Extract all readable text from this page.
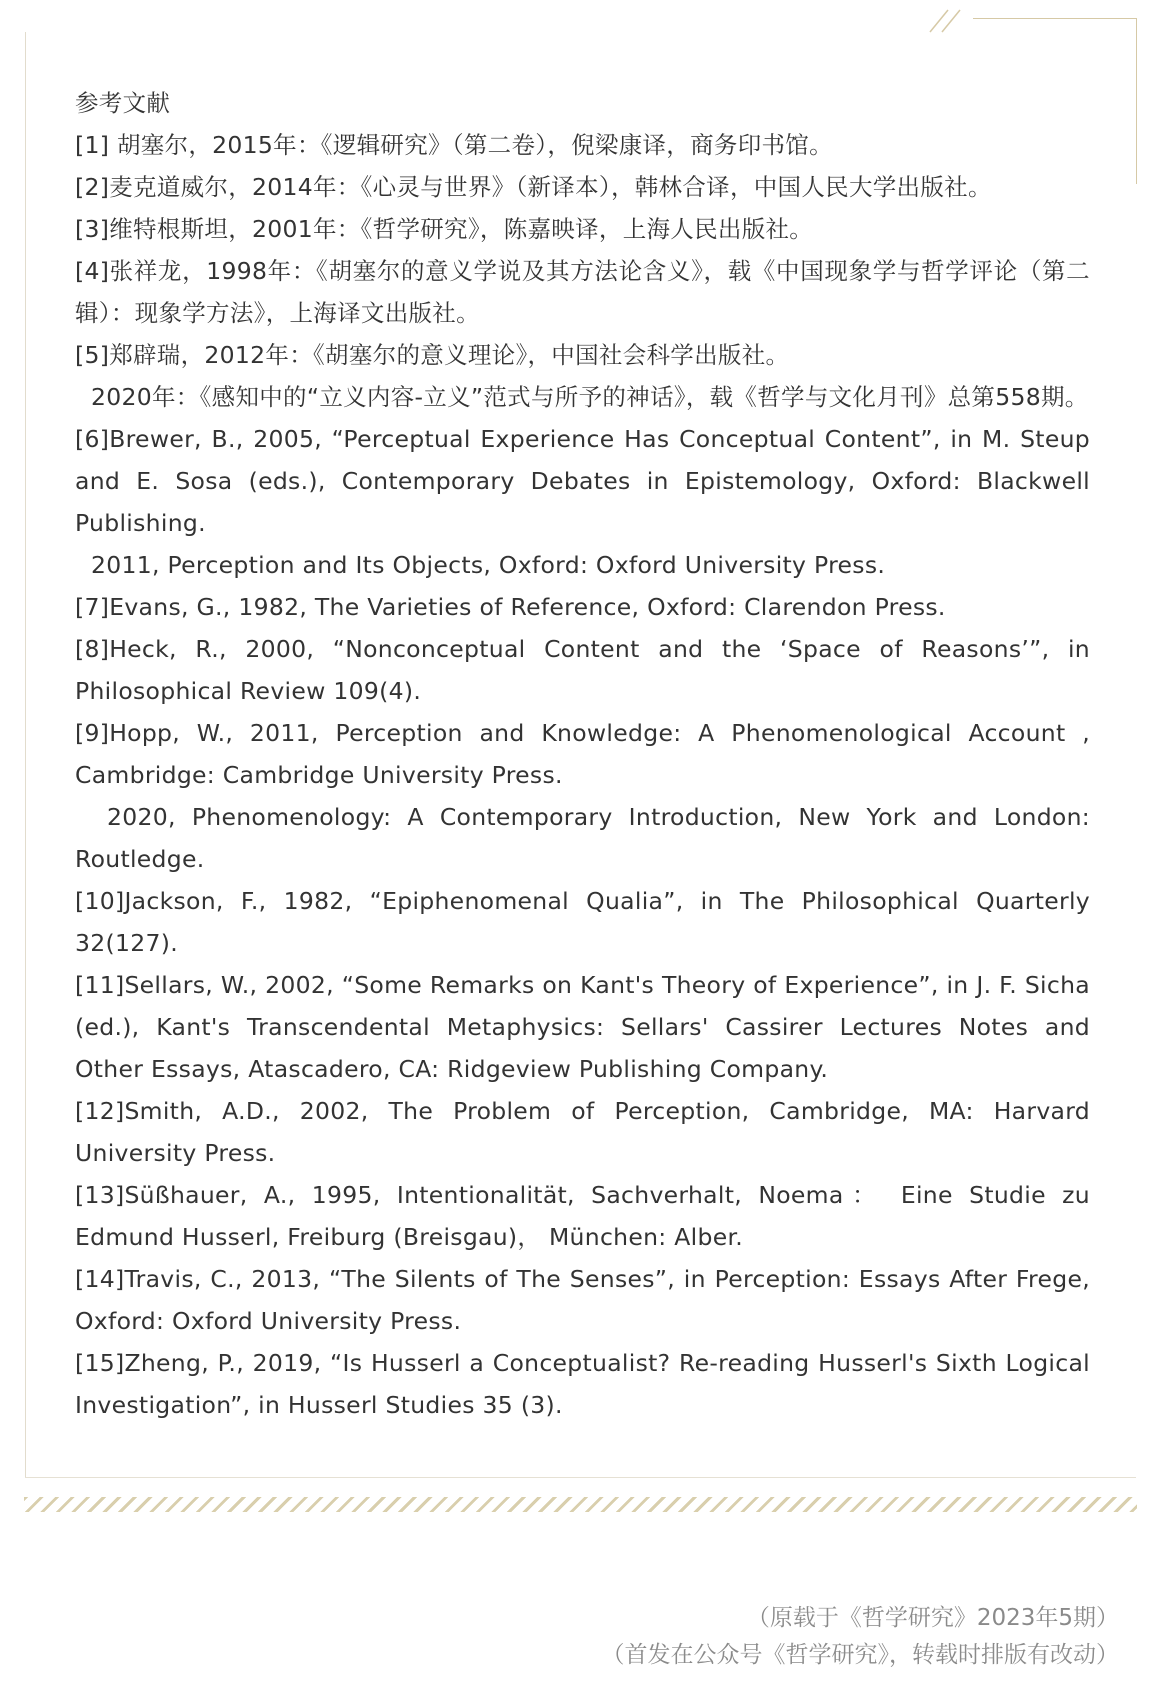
参考文献

[1] 胡塞尔，2015年：《逻辑研究》（第二卷），倪梁康译，商务印书馆。

[2]麦克道威尔，2014年：《心灵与世界》（新译本），韩林合译，中国人民大学出版社。

[3]维特根斯坦，2001年：《哲学研究》，陈嘉映译，上海人民出版社。

[4]张祥龙，1998年：《胡塞尔的意义学说及其方法论含义》，载《中国现象学与哲学评论（第二辑）：现象学方法》，上海译文出版社。

[5]郑辟瑞，2012年：《胡塞尔的意义理论》，中国社会科学出版社。

2020年：《感知中的“立义内容-立义”范式与所予的神话》，载《哲学与文化月刊》总第558期。

[6]Brewer, B., 2005, “Perceptual Experience Has Conceptual Content”, in M. Steup and E. Sosa (eds.), Contemporary Debates in Epistemology, Oxford: Blackwell Publishing.

2011, Perception and Its Objects, Oxford: Oxford University Press.

[7]Evans, G., 1982, The Varieties of Reference, Oxford: Clarendon Press.

[8]Heck, R., 2000, “Nonconceptual Content and the ‘Space of Reasons’”, in Philosophical Review 109(4).

[9]Hopp, W., 2011, Perception and Knowledge: A Phenomenological Account , Cambridge: Cambridge University Press.

2020, Phenomenology: A Contemporary Introduction, New York and London: Routledge.

[10]Jackson, F., 1982, “Epiphenomenal Qualia”, in The Philosophical Quarterly 32(127).

[11]Sellars, W., 2002, “Some Remarks on Kant's Theory of Experience”, in J. F. Sicha (ed.), Kant's Transcendental Metaphysics: Sellars' Cassirer Lectures Notes and Other Essays, Atascadero, CA: Ridgeview Publishing Company.

[12]Smith, A.D., 2002, The Problem of Perception, Cambridge, MA: Harvard University Press.

[13]Süßhauer, A., 1995, Intentionalität, Sachverhalt, Noema： Eine Studie zu Edmund Husserl, Freiburg (Breisgau)， München: Alber.

[14]Travis, C., 2013, “The Silents of The Senses”, in Perception: Essays After Frege, Oxford: Oxford University Press.

[15]Zheng, P., 2019, “Is Husserl a Conceptualist? Re-reading Husserl's Sixth Logical Investigation”, in Husserl Studies 35 (3).

（原载于《哲学研究》2023年5期）
（首发在公众号《哲学研究》，转载时排版有改动）
